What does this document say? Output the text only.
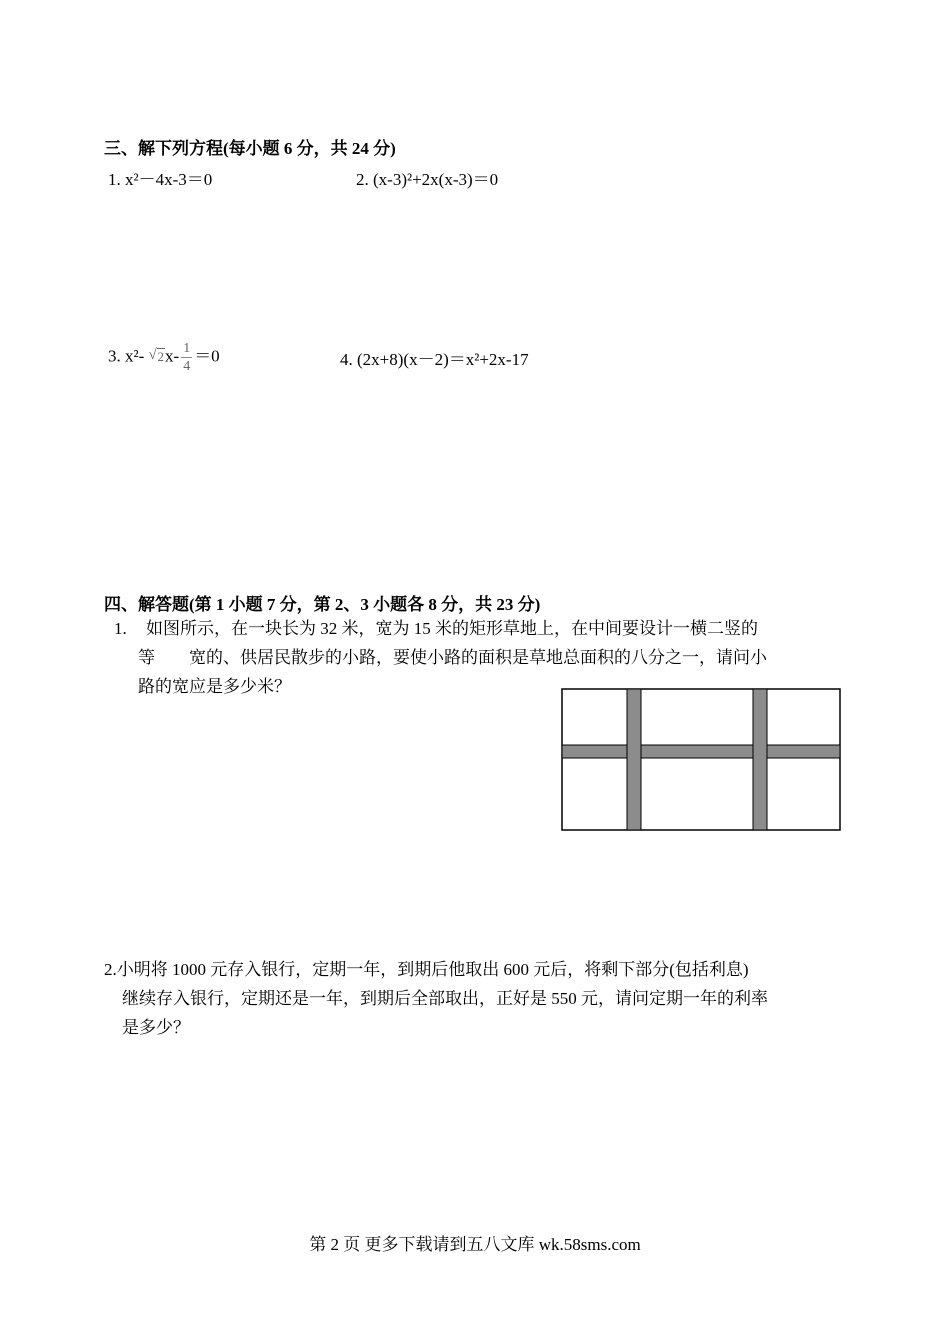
三、解下列方程(每小题 6 分，共 24 分)
1. x²－4x-3＝0	2. (x-3)²+2x(x-3)＝0
3. x²- √ $2x- \frac{1}{4} =0$	4. (2x+8)(x－2)＝x²+2x-17
四、解答题(第 1 小题 7 分，第 2、3 小题各 8 分，共 23 分)
1. 如图所示，在一块长为 32 米，宽为 15 米的矩形草地上，在中间要设计一横二竖的
等　　宽的、供居民散步的小路，要使小路的面积是草地总面积的八分之一，请问小
路的宽应是多少米？
2.小明将 1000 元存入银行，定期一年，到期后他取出 600 元后，将剩下部分(包括利息)
继续存入银行，定期还是一年，到期后全部取出，正好是 550 元，请问定期一年的利率
是多少？
第 2 页 更多下载请到五八文库 wk.58sms.com
